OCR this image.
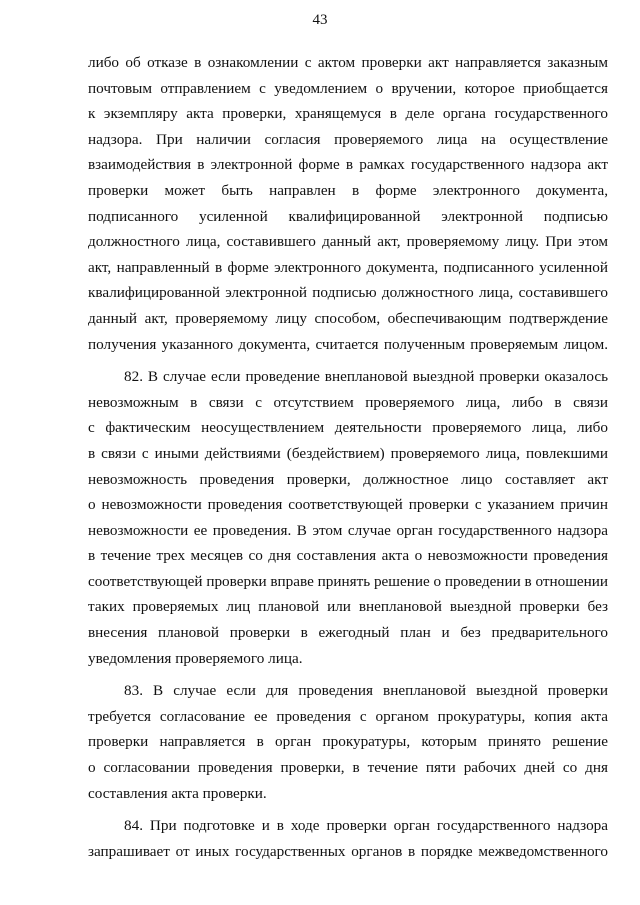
43
либо об отказе в ознакомлении с актом проверки акт направляется заказным
почтовым отправлением с уведомлением о вручении, которое приобщается
к экземпляру акта проверки, хранящемуся в деле органа государственного
надзора. При наличии согласия проверяемого лица на осуществление
взаимодействия в электронной форме в рамках государственного надзора акт
проверки может быть направлен в форме электронного документа,
подписанного усиленной квалифицированной электронной подписью
должностного лица, составившего данный акт, проверяемому лицу. При этом
акт, направленный в форме электронного документа, подписанного усиленной
квалифицированной электронной подписью должностного лица, составившего
данный акт, проверяемому лицу способом, обеспечивающим подтверждение
получения указанного документа, считается полученным проверяемым лицом.
82. В случае если проведение внеплановой выездной проверки оказалось
невозможным в связи с отсутствием проверяемого лица, либо в связи
с фактическим неосуществлением деятельности проверяемого лица, либо
в связи с иными действиями (бездействием) проверяемого лица, повлекшими
невозможность проведения проверки, должностное лицо составляет акт
о невозможности проведения соответствующей проверки с указанием причин
невозможности ее проведения. В этом случае орган государственного надзора
в течение трех месяцев со дня составления акта о невозможности проведения
соответствующей проверки вправе принять решение о проведении в отношении
таких проверяемых лиц плановой или внеплановой выездной проверки без
внесения плановой проверки в ежегодный план и без предварительного
уведомления проверяемого лица.
83. В случае если для проведения внеплановой выездной проверки
требуется согласование ее проведения с органом прокуратуры, копия акта
проверки направляется в орган прокуратуры, которым принято решение
о согласовании проведения проверки, в течение пяти рабочих дней со дня
составления акта проверки.
84. При подготовке и в ходе проверки орган государственного надзора
запрашивает от иных государственных органов в порядке межведомственного
